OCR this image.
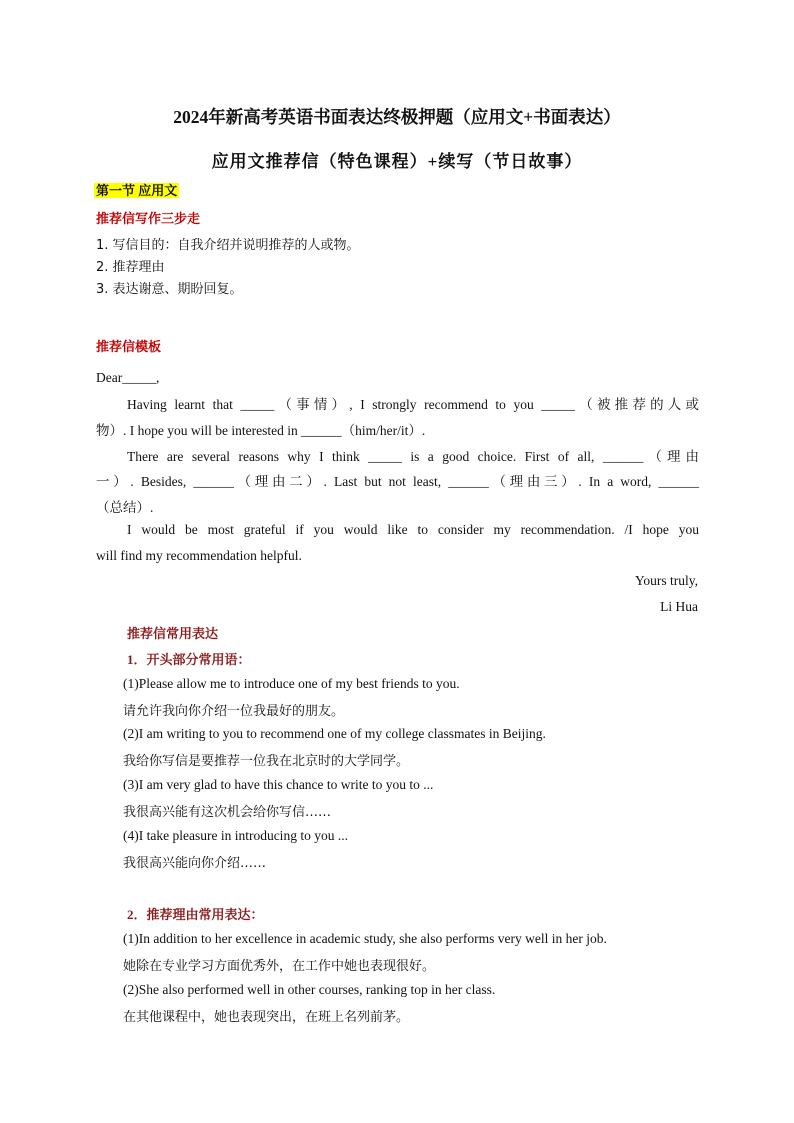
2024年新高考英语书面表达终极押题（应用文+书面表达）
应用文推荐信（特色课程）+续写（节日故事）
第一节 应用文
推荐信写作三步走
1. 写信目的：自我介绍并说明推荐的人或物。
2. 推荐理由
3. 表达谢意、期盼回复。
推荐信模板
Dear_____,
Having learnt that _____（事情）, I strongly recommend to you _____（被推荐的人或
物）. I hope you will be interested in ______（him/her/it）.
There are several reasons why I think _____ is a good choice. First of all, ______（理由
一）. Besides, ______（理由二）. Last but not least, ______（理由三）. In a word, ______
（总结）.
I would be most grateful if you would like to consider my recommendation. /I hope you
will find my recommendation helpful.
Yours truly,
Li Hua
推荐信常用表达
1．开头部分常用语：
(1)Please allow me to introduce one of my best friends to you.
请允许我向你介绍一位我最好的朋友。
(2)I am writing to you to recommend one of my college classmates in Beijing.
我给你写信是要推荐一位我在北京时的大学同学。
(3)I am very glad to have this chance to write to you to ...
我很高兴能有这次机会给你写信……
(4)I take pleasure in introducing to you ...
我很高兴能向你介绍……
2．推荐理由常用表达：
(1)In addition to her excellence in academic study, she also performs very well in her job.
她除在专业学习方面优秀外，在工作中她也表现很好。
(2)She also performed well in other courses, ranking top in her class.
在其他课程中，她也表现突出，在班上名列前茅。
